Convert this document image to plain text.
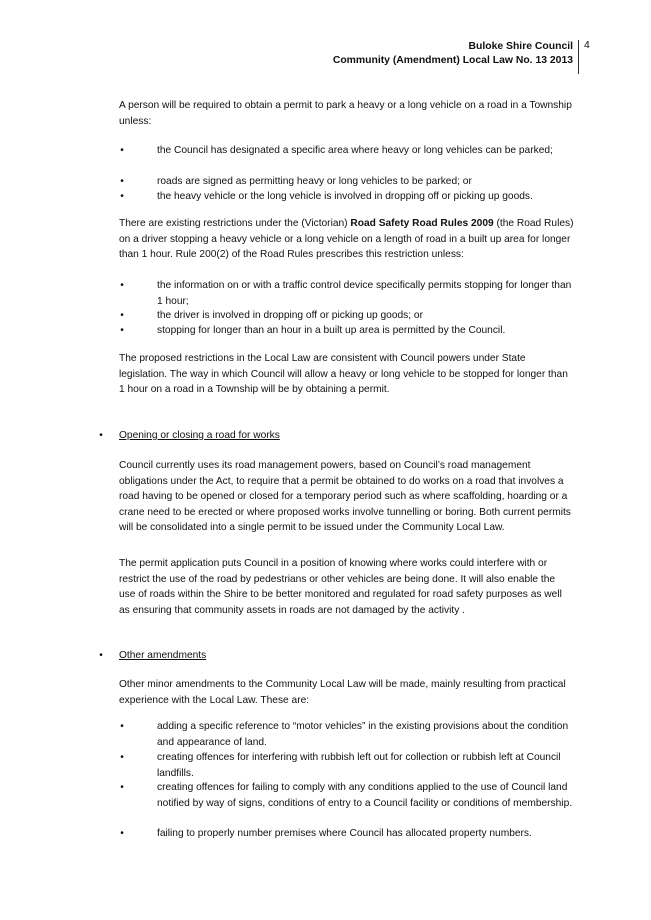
Buloke Shire Council
Community (Amendment) Local Law No. 13 2013
4

A person will be required to obtain a permit to park a heavy or a long vehicle on a road in a Township unless:

•	the Council has designated a specific area where heavy or long vehicles can be parked;
•	roads are signed as permitting heavy or long vehicles to be parked; or
•	the heavy vehicle or the long vehicle is involved in dropping off or picking up goods.

There are existing restrictions under the (Victorian) Road Safety Road Rules 2009 (the Road Rules) on a driver stopping a heavy vehicle or a long vehicle on a length of road in a built up area for longer than 1 hour. Rule 200(2) of the Road Rules prescribes this restriction unless:

•	the information on or with a traffic control device specifically permits stopping for longer than 1 hour;
•	the driver is involved in dropping off or picking up goods; or
•	stopping for longer than an hour in a built up area is permitted by the Council.

The proposed restrictions in the Local Law are consistent with Council powers under State legislation. The way in which Council will allow a heavy or long vehicle to be stopped for longer than 1 hour on a road in a Township will be by obtaining a permit.

•	Opening or closing a road for works

Council currently uses its road management powers, based on Council’s road management obligations under the Act, to require that a permit be obtained to do works on a road that involves a road having to be opened or closed for a temporary period such as where scaffolding, hoarding or a crane need to be erected or where proposed works involve tunnelling or boring. Both current permits will be consolidated into a single permit to be issued under the Community Local Law.

The permit application puts Council in a position of knowing where works could interfere with or restrict the use of the road by pedestrians or other vehicles are being done. It will also enable the use of roads within the Shire to be better monitored and regulated for road safety purposes as well as ensuring that community assets in roads are not damaged by the activity .

•	Other amendments

Other minor amendments to the Community Local Law will be made, mainly resulting from practical experience with the Local Law. These are:

•	adding a specific reference to “motor vehicles” in the existing provisions about the condition and appearance of land.
•	creating offences for interfering with rubbish left out for collection or rubbish left at Council landfills.
•	creating offences for failing to comply with any conditions applied to the use of Council land notified by way of signs, conditions of entry to a Council facility or conditions of membership.
•	failing to properly number premises where Council has allocated property numbers.
